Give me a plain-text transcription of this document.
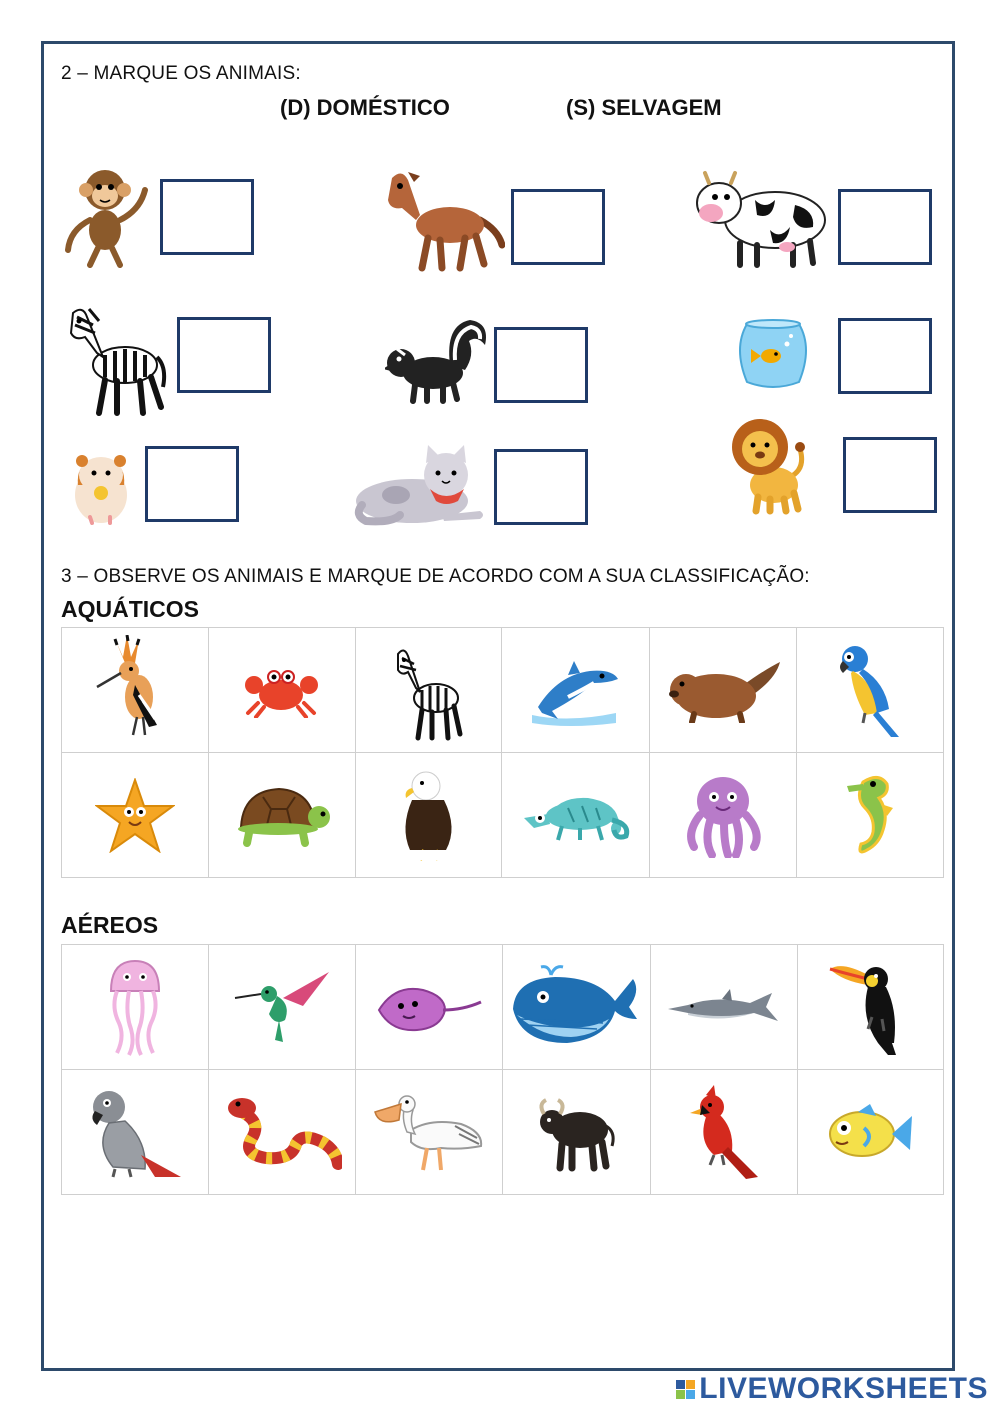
2 – MARQUE OS ANIMAIS:
(D) DOMÉSTICO	(S) SELVAGEM
3 – OBSERVE OS ANIMAIS E MARQUE DE ACORDO COM A SUA CLASSIFICAÇÃO:
AQUÁTICOS

AÉREOS

LIVEWORKSHEETS
